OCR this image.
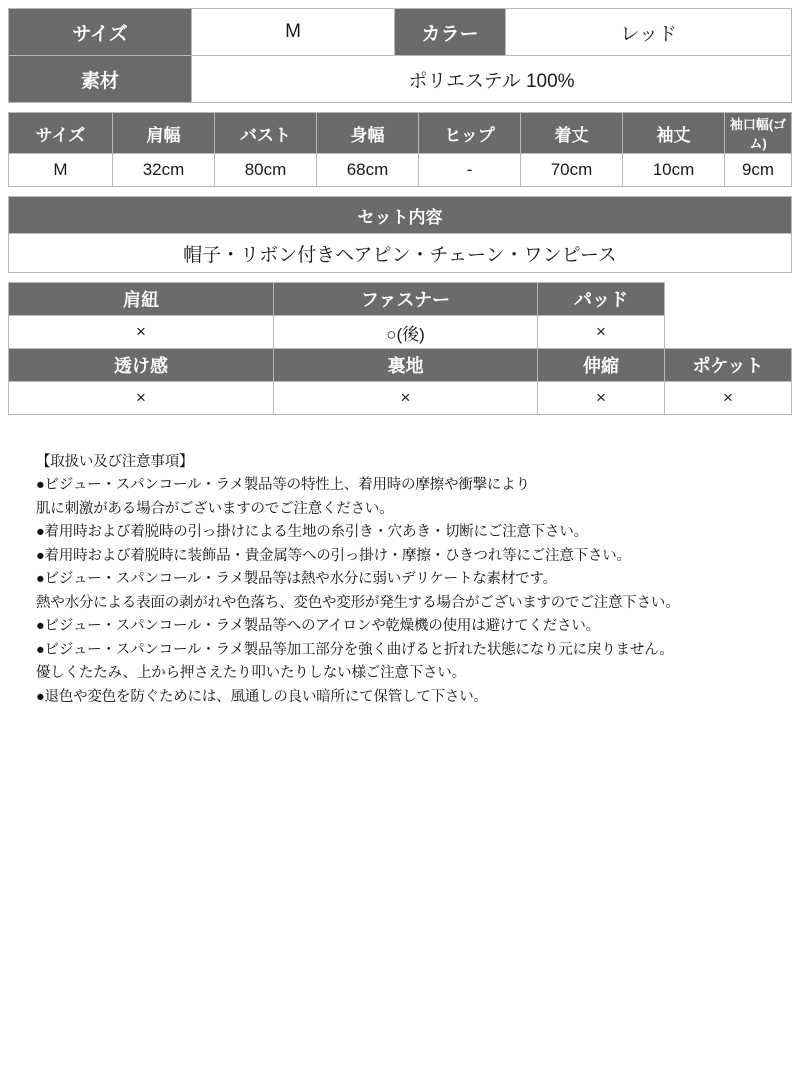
サイズ	M	カラー	レッド
素材	ポリエステル 100%		
サイズ	肩幅	バスト	身幅	ヒップ	着丈	袖丈	袖口幅(ゴム)
M	32cm	80cm	68cm	-	70cm	10cm	9cm
セット内容
帽子・リボン付きヘアピン・チェーン・ワンピース
肩紐	ファスナー	パッド	
×	○(後)	×	
透け感	裏地	伸縮	ポケット
×	×	×	×
【取扱い及び注意事項】
●ビジュー・スパンコール・ラメ製品等の特性上、着用時の摩擦や衝撃により
肌に刺激がある場合がございますのでご注意ください。
●着用時および着脱時の引っ掛けによる生地の糸引き・穴あき・切断にご注意下さい。
●着用時および着脱時に装飾品・貴金属等への引っ掛け・摩擦・ひきつれ等にご注意下さい。
●ビジュー・スパンコール・ラメ製品等は熱や水分に弱いデリケートな素材です。
熱や水分による表面の剥がれや色落ち、変色や変形が発生する場合がございますのでご注意下さい。
●ビジュー・スパンコール・ラメ製品等へのアイロンや乾燥機の使用は避けてください。
●ビジュー・スパンコール・ラメ製品等加工部分を強く曲げると折れた状態になり元に戻りません。
優しくたたみ、上から押さえたり叩いたりしない様ご注意下さい。
●退色や変色を防ぐためには、風通しの良い暗所にて保管して下さい。
